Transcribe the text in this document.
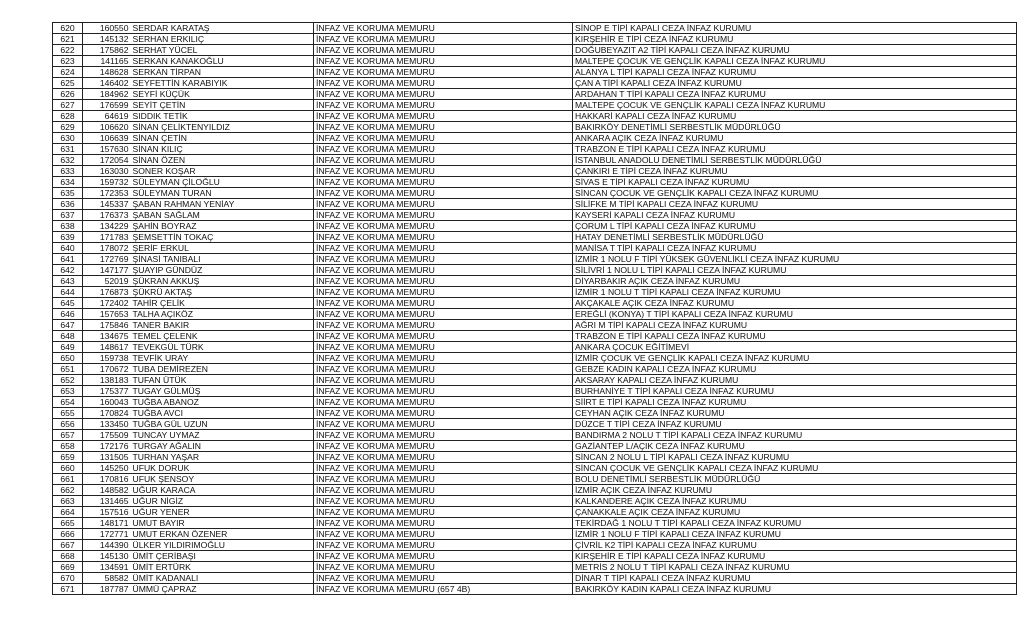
620	160550	SERDAR KARATAŞ	İNFAZ VE KORUMA MEMURU	SİNOP E TİPİ KAPALI CEZA İNFAZ KURUMU
621	145132	SERHAN ERKILIÇ	İNFAZ VE KORUMA MEMURU	KIRŞEHİR E TİPİ CEZA İNFAZ KURUMU
622	175862	SERHAT YÜCEL	İNFAZ VE KORUMA MEMURU	DOĞUBEYAZIT A2 TİPİ KAPALI CEZA İNFAZ KURUMU
623	141165	SERKAN KANAKOĞLU	İNFAZ VE KORUMA MEMURU	MALTEPE ÇOCUK VE GENÇLİK KAPALI CEZA İNFAZ KURUMU
624	148628	SERKAN TİRPAN	İNFAZ VE KORUMA MEMURU	ALANYA L TİPİ KAPALI CEZA İNFAZ KURUMU
625	146402	SEYFETTİN KARABIYIK	İNFAZ VE KORUMA MEMURU	ÇAN A TİPİ KAPALI CEZA İNFAZ KURUMU
626	184962	SEYFİ KÜÇÜK	İNFAZ VE KORUMA MEMURU	ARDAHAN T TİPİ KAPALI CEZA İNFAZ KURUMU
627	176599	SEYİT ÇETİN	İNFAZ VE KORUMA MEMURU	MALTEPE ÇOCUK VE GENÇLİK KAPALI CEZA İNFAZ KURUMU
628	64619	SIDDIK TETİK	İNFAZ VE KORUMA MEMURU	HAKKARİ KAPALI CEZA İNFAZ KURUMU
629	106620	SİNAN ÇELİKTENYILDIZ	İNFAZ VE KORUMA MEMURU	BAKIRKÖY DENETİMLİ SERBESTLİK MÜDÜRLÜĞÜ
630	106639	SİNAN ÇETİN	İNFAZ VE KORUMA MEMURU	ANKARA AÇIK CEZA İNFAZ KURUMU
631	157630	SİNAN KILIÇ	İNFAZ VE KORUMA MEMURU	TRABZON E TİPİ KAPALI CEZA İNFAZ KURUMU
632	172054	SİNAN ÖZEN	İNFAZ VE KORUMA MEMURU	İSTANBUL ANADOLU DENETİMLİ SERBESTLİK MÜDÜRLÜĞÜ
633	163030	SONER KOŞAR	İNFAZ VE KORUMA MEMURU	ÇANKIRI E TİPİ CEZA İNFAZ KURUMU
634	159732	SÜLEYMAN ÇİLOĞLU	İNFAZ VE KORUMA MEMURU	SİVAS E TİPİ KAPALI CEZA İNFAZ KURUMU
635	172353	SÜLEYMAN TURAN	İNFAZ VE KORUMA MEMURU	SİNCAN ÇOCUK VE GENÇLİK KAPALI CEZA İNFAZ KURUMU
636	145337	ŞABAN RAHMAN YENİAY	İNFAZ VE KORUMA MEMURU	SİLİFKE M TİPİ KAPALI CEZA İNFAZ KURUMU
637	176373	ŞABAN SAĞLAM	İNFAZ VE KORUMA MEMURU	KAYSERİ KAPALI CEZA İNFAZ KURUMU
638	134229	ŞAHİN BOYRAZ	İNFAZ VE KORUMA MEMURU	ÇORUM L TİPİ KAPALI CEZA İNFAZ KURUMU
639	171783	ŞEMSETTİN TOKAÇ	İNFAZ VE KORUMA MEMURU	HATAY DENETİMLİ SERBESTLİK MÜDÜRLÜĞÜ
640	178072	ŞERİF ERKUL	İNFAZ VE KORUMA MEMURU	MANİSA T TİPİ KAPALI CEZA İNFAZ KURUMU
641	172769	ŞİNASİ TANIBALI	İNFAZ VE KORUMA MEMURU	İZMİR 1 NOLU F TİPİ YÜKSEK GÜVENLİKLİ CEZA İNFAZ KURUMU
642	147177	ŞUAYIP GÜNDÜZ	İNFAZ VE KORUMA MEMURU	SİLİVRİ 1 NOLU L TİPİ KAPALI CEZA İNFAZ KURUMU
643	52019	ŞÜKRAN AKKUŞ	İNFAZ VE KORUMA MEMURU	DİYARBAKIR AÇIK CEZA İNFAZ KURUMU
644	176873	ŞÜKRÜ AKTAŞ	İNFAZ VE KORUMA MEMURU	İZMİR 1 NOLU T TİPİ KAPALI CEZA İNFAZ KURUMU
645	172402	TAHİR ÇELİK	İNFAZ VE KORUMA MEMURU	AKÇAKALE AÇIK CEZA İNFAZ KURUMU
646	157653	TALHA AÇIKÖZ	İNFAZ VE KORUMA MEMURU	EREĞLİ (KONYA) T TİPİ KAPALI CEZA İNFAZ KURUMU
647	175846	TANER BAKIR	İNFAZ VE KORUMA MEMURU	AĞRI M TİPİ KAPALI CEZA İNFAZ KURUMU
648	134675	TEMEL ÇELENK	İNFAZ VE KORUMA MEMURU	TRABZON E TİPİ KAPALI CEZA İNFAZ KURUMU
649	148617	TEVEKGÜL TÜRK	İNFAZ VE KORUMA MEMURU	ANKARA ÇOCUK EĞİTİMEVİ
650	159738	TEVFİK URAY	İNFAZ VE KORUMA MEMURU	İZMİR ÇOCUK VE GENÇLİK KAPALI CEZA İNFAZ KURUMU
651	170672	TUBA DEMİREZEN	İNFAZ VE KORUMA MEMURU	GEBZE KADIN KAPALI CEZA İNFAZ KURUMU
652	138183	TUFAN ÜTÜK	İNFAZ VE KORUMA MEMURU	AKSARAY KAPALI CEZA İNFAZ KURUMU
653	175377	TUGAY GÜLMÜŞ	İNFAZ VE KORUMA MEMURU	BURHANİYE T TİPİ KAPALI CEZA İNFAZ KURUMU
654	160043	TUĞBA ABANOZ	İNFAZ VE KORUMA MEMURU	SİİRT E TİPİ KAPALI CEZA İNFAZ KURUMU
655	170824	TUĞBA AVCI	İNFAZ VE KORUMA MEMURU	CEYHAN AÇIK CEZA İNFAZ KURUMU
656	133450	TUĞBA GÜL UZUN	İNFAZ VE KORUMA MEMURU	DÜZCE T TİPİ CEZA İNFAZ KURUMU
657	175509	TUNCAY UYMAZ	İNFAZ VE KORUMA MEMURU	BANDIRMA 2 NOLU T TİPİ KAPALI CEZA İNFAZ KURUMU
658	172176	TURGAY AĞALIN	İNFAZ VE KORUMA MEMURU	GAZİANTEP L/AÇIK CEZA İNFAZ KURUMU
659	131505	TURHAN YAŞAR	İNFAZ VE KORUMA MEMURU	SİNCAN 2 NOLU L TİPİ KAPALI CEZA İNFAZ KURUMU
660	145250	UFUK DORUK	İNFAZ VE KORUMA MEMURU	SİNCAN ÇOCUK VE GENÇLİK KAPALI CEZA İNFAZ KURUMU
661	170816	UFUK ŞENSOY	İNFAZ VE KORUMA MEMURU	BOLU DENETİMLİ SERBESTLİK MÜDÜRLÜĞÜ
662	148582	UĞUR KARACA	İNFAZ VE KORUMA MEMURU	İZMİR AÇIK CEZA İNFAZ KURUMU
663	131465	UĞUR NİGİZ	İNFAZ VE KORUMA MEMURU	KALKANDERE AÇIK CEZA İNFAZ KURUMU
664	157516	UĞUR YENER	İNFAZ VE KORUMA MEMURU	ÇANAKKALE AÇIK CEZA İNFAZ KURUMU
665	148171	UMUT BAYIR	İNFAZ VE KORUMA MEMURU	TEKİRDAĞ 1 NOLU T TİPİ KAPALI CEZA İNFAZ KURUMU
666	172771	UMUT ERKAN ÖZENER	İNFAZ VE KORUMA MEMURU	İZMİR 1 NOLU F TİPİ KAPALI CEZA İNFAZ KURUMU
667	144390	ÜLKER YILDIRIMOĞLU	İNFAZ VE KORUMA MEMURU	ÇİVRİL K2 TİPİ KAPALI CEZA İNFAZ KURUMU
668	145130	ÜMİT ÇERİBAŞI	İNFAZ VE KORUMA MEMURU	KIRŞEHİR E TİPİ KAPALI CEZA İNFAZ KURUMU
669	134591	ÜMİT ERTÜRK	İNFAZ VE KORUMA MEMURU	METRİS 2 NOLU T TİPİ KAPALI CEZA İNFAZ KURUMU
670	58582	ÜMİT KADANALI	İNFAZ VE KORUMA MEMURU	DİNAR T TİPİ KAPALI CEZA İNFAZ KURUMU
671	187787	ÜMMÜ ÇAPRAZ	İNFAZ VE KORUMA MEMURU (657 4B)	BAKIRKÖY KADIN KAPALI CEZA İNFAZ KURUMU
